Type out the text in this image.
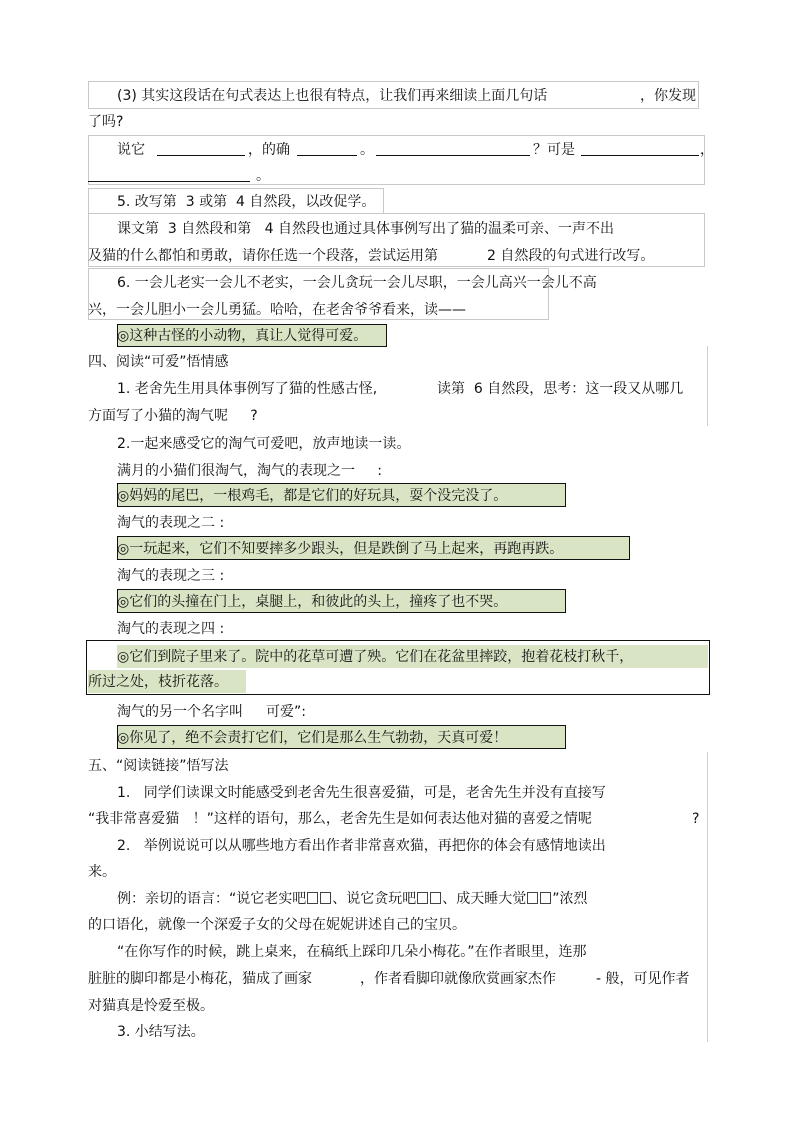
(3) 其实这段话在句式表达上也很有特点，让我们再来细读上面几句话	，你发现
了吗?
说它	，的确	。	？可是	，
。
5. 改写第  3 或第  4 自然段，以改促学。
课文第  3 自然段和第   4 自然段也通过具体事例写出了猫的温柔可亲、一声不出
及猫的什么都怕和勇敢，请你任选一个段落，尝试运用第	2 自然段的句式进行改写。
6. 一会儿老实一会儿不老实，一会儿贪玩一会儿尽职，一会儿高兴一会儿不高
兴，一会儿胆小一会儿勇猛。哈哈，在老舍爷爷看来，读——
◎这种古怪的小动物，真让人觉得可爱。
四、阅读“可爱”悟情感
1. 老舍先生用具体事例写了猫的性感古怪,	读第  6 自然段，思考：这一段又从哪几
方面写了小猫的淘气呢     ?
2.一起来感受它的淘气可爱吧，放声地读一读。
满月的小猫们很淘气，淘气的表现之一     :
◎妈妈的尾巴，一根鸡毛，都是它们的好玩具，耍个没完没了。
淘气的表现之二 :
◎一玩起来，它们不知要摔多少跟头，但是跌倒了马上起来，再跑再跌。
淘气的表现之三 :
◎它们的头撞在门上，桌腿上，和彼此的头上，撞疼了也不哭。
淘气的表现之四 :
◎它们到院子里来了。院中的花草可遭了殃。它们在花盆里摔跤，抱着花枝打秋千，
所过之处，枝折花落。
淘气的另一个名字叫 可爱”:
◎你见了，绝不会责打它们，它们是那么生气勃勃，天真可爱！
五、“阅读链接”悟写法
1.   同学们读课文时能感受到老舍先生很喜爱猫，可是，老舍先生并没有直接写
“我非常喜爱猫   ！”这样的语句，那么，老舍先生是如何表达他对猫的喜爱之情呢	?
2.   举例说说可以从哪些地方看出作者非常喜欢猫，再把你的体会有感情地读出
来。
例：亲切的语言：“说它老实吧 、说它贪玩吧 、成天睡大觉 ”浓烈
的口语化，就像一个深爱子女的父母在妮妮讲述自己的宝贝。
“在你写作的时候，跳上桌来，在稿纸上踩印几朵小梅花。”在作者眼里，连那
脏脏的脚印都是小梅花，猫成了画家	，作者看脚印就像欣赏画家杰作	- 般，可见作者
对猫真是怜爱至极。
3. 小结写法。
